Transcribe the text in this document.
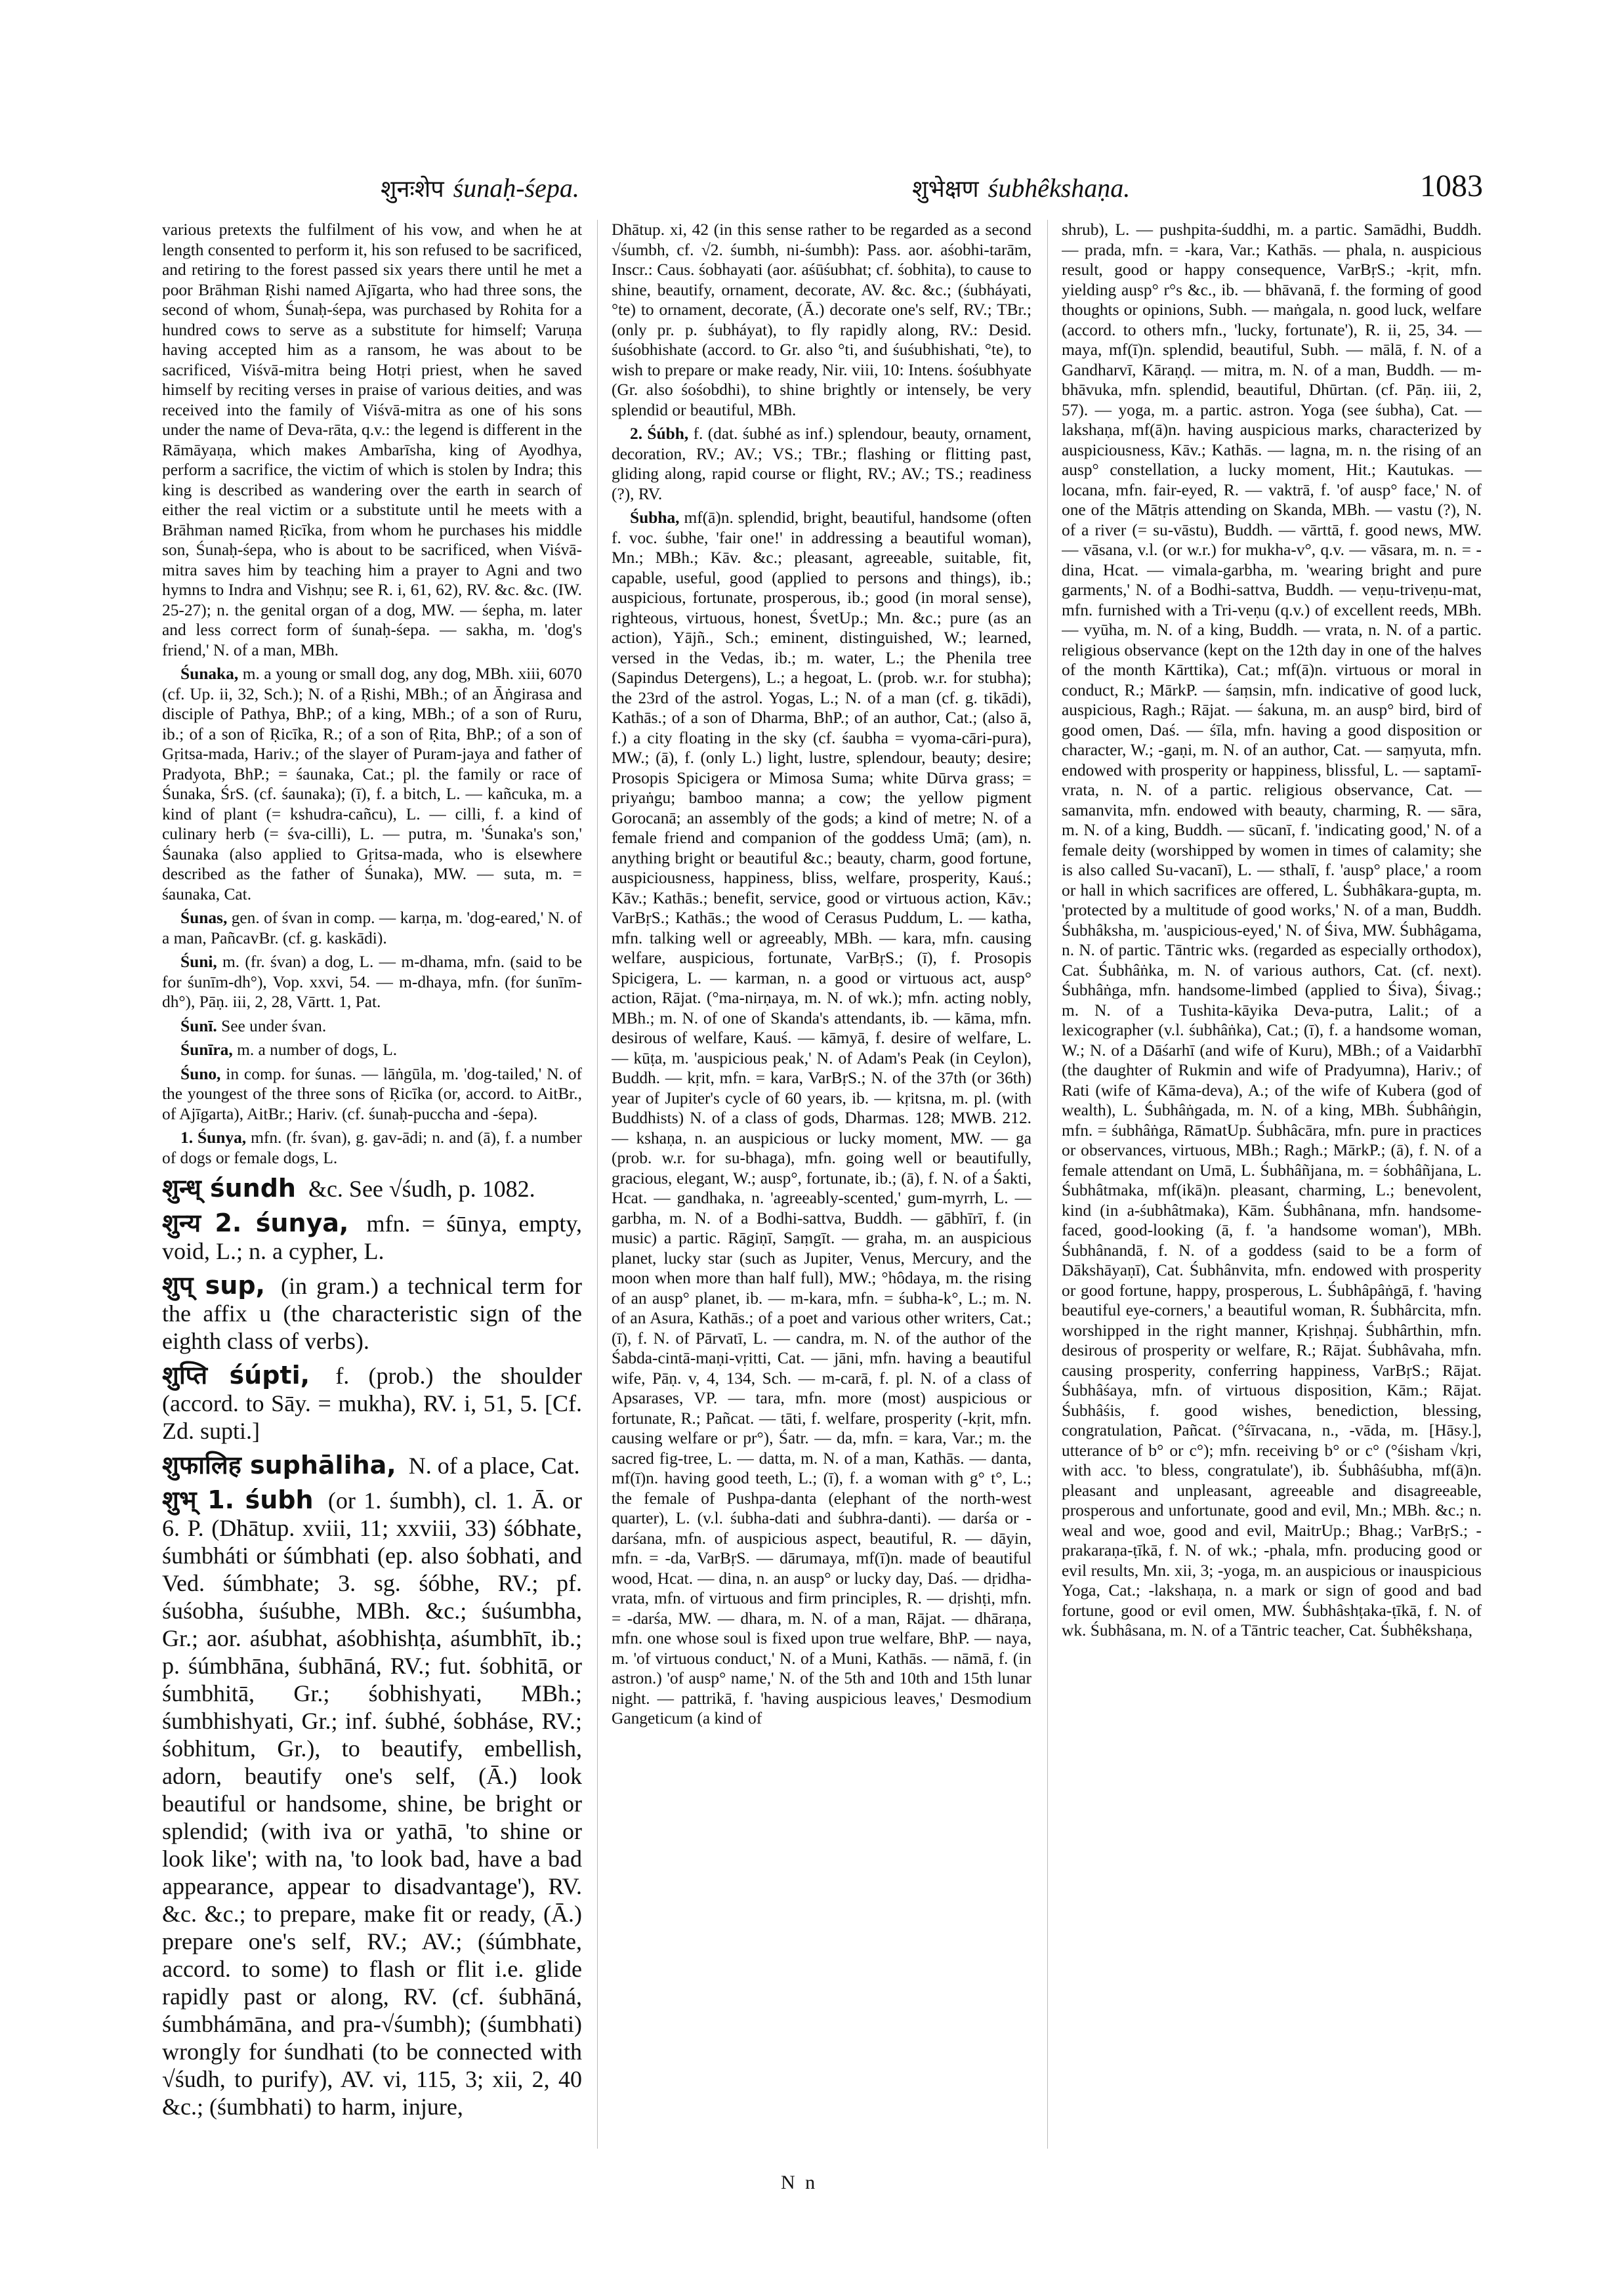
शुनःशेप śunaḥ-śepa.	शुभेक्षण śubhêkshaṇa.	1083

various pretexts the fulfilment of his vow, and when he at length consented to perform it, his son refused to be sacrificed, and retiring to the forest passed six years there until he met a poor Brāhman Ṛishi named Ajīgarta, who had three sons, the second of whom, Śunaḥ-śepa, was purchased by Rohita for a hundred cows to serve as a substitute for himself; Varuṇa having accepted him as a ransom, he was about to be sacrificed, Viśvā-mitra being Hotṛi priest, when he saved himself by reciting verses in praise of various deities, and was received into the family of Viśvā-mitra as one of his sons under the name of Deva-rāta, q.v.: the legend is different in the Rāmāyaṇa, which makes Ambarīsha, king of Ayodhya, perform a sacrifice, the victim of which is stolen by Indra; this king is described as wandering over the earth in search of either the real victim or a substitute until he meets with a Brāhman named Ṛicīka, from whom he purchases his middle son, Śunaḥ-śepa, who is about to be sacrificed, when Viśvā-mitra saves him by teaching him a prayer to Agni and two hymns to Indra and Vishṇu; see R. i, 61, 62), RV. &c. &c. (IW. 25-27); n. the genital organ of a dog, MW. — śepha, m. later and less correct form of śunaḥ-śepa. — sakha, m. 'dog's friend,' N. of a man, MBh.

Śunaka, m. a young or small dog, any dog, MBh. xiii, 6070 (cf. Up. ii, 32, Sch.); N. of a Ṛishi, MBh.; of an Āṅgirasa and disciple of Pathya, BhP.; of a king, MBh.; of a son of Ruru, ib.; of a son of Ṛicīka, R.; of a son of Ṛita, BhP.; of a son of Gṛitsa-mada, Hariv.; of the slayer of Puram-jaya and father of Pradyota, BhP.; = śaunaka, Cat.; pl. the family or race of Śunaka, ŚrS. (cf. śaunaka); (ī), f. a bitch, L. — kañcuka, m. a kind of plant (= kshudra-cañcu), L. — cilli, f. a kind of culinary herb (= śva-cilli), L. — putra, m. 'Śunaka's son,' Śaunaka (also applied to Gṛitsa-mada, who is elsewhere described as the father of Śunaka), MW. — suta, m. = śaunaka, Cat.

Śunas, gen. of śvan in comp. — karṇa, m. 'dog-eared,' N. of a man, PañcavBr. (cf. g. kaskādi).

Śuni, m. (fr. śvan) a dog, L. — m-dhama, mfn. (said to be for śunīm-dh°), Vop. xxvi, 54. — m-dhaya, mfn. (for śunīm-dh°), Pāṇ. iii, 2, 28, Vārtt. 1, Pat.

Śunī. See under śvan.

Śunīra, m. a number of dogs, L.

Śuno, in comp. for śunas. — lāṅgūla, m. 'dog-tailed,' N. of the youngest of the three sons of Ṛicīka (or, accord. to AitBr., of Ajīgarta), AitBr.; Hariv. (cf. śunaḥ-puccha and -śepa).

1. Śunya, mfn. (fr. śvan), g. gav-ādi; n. and (ā), f. a number of dogs or female dogs, L.

शुन्ध् śundh &c. See √śudh, p. 1082.

शुन्य 2. śunya, mfn. = śūnya, empty, void, L.; n. a cypher, L.

शुप् sup, (in gram.) a technical term for the affix u (the characteristic sign of the eighth class of verbs).

शुप्ति śúpti, f. (prob.) the shoulder (accord. to Sāy. = mukha), RV. i, 51, 5. [Cf. Zd. supti.]

शुफालिह suphāliha, N. of a place, Cat.

शुभ् 1. śubh (or 1. śumbh), cl. 1. Ā. or 6. P. (Dhātup. xviii, 11; xxviii, 33) śóbhate, śumbháti or śúmbhati (ep. also śobhati, and Ved. śúmbhate; 3. sg. śóbhe, RV.; pf. śuśobha, śuśubhe, MBh. &c.; śuśumbha, Gr.; aor. aśubhat, aśobhishṭa, aśumbhīt, ib.; p. śúmbhāna, śubhāná, RV.; fut. śobhitā, or śumbhitā, Gr.; śobhishyati, MBh.; śumbhishyati, Gr.; inf. śubhé, śobháse, RV.; śobhitum, Gr.), to beautify, embellish, adorn, beautify one's self, (Ā.) look beautiful or handsome, shine, be bright or splendid; (with iva or yathā, 'to shine or look like'; with na, 'to look bad, have a bad appearance, appear to disadvantage'), RV. &c. &c.; to prepare, make fit or ready, (Ā.) prepare one's self, RV.; AV.; (śúmbhate, accord. to some) to flash or flit i.e. glide rapidly past or along, RV. (cf. śubhāná, śumbhámāna, and pra-√śumbh); (śumbhati) wrongly for śundhati (to be connected with √śudh, to purify), AV. vi, 115, 3; xii, 2, 40 &c.; (śumbhati) to harm, injure,

Dhātup. xi, 42 (in this sense rather to be regarded as a second √śumbh, cf. √2. śumbh, ni-śumbh): Pass. aor. aśobhi-tarām, Inscr.: Caus. śobhayati (aor. aśūśubhat; cf. śobhita), to cause to shine, beautify, ornament, decorate, AV. &c. &c.; (śubháyati, °te) to ornament, decorate, (Ā.) decorate one's self, RV.; TBr.; (only pr. p. śubháyat), to fly rapidly along, RV.: Desid. śuśobhishate (accord. to Gr. also °ti, and śuśubhishati, °te), to wish to prepare or make ready, Nir. viii, 10: Intens. śośubhyate (Gr. also śośobdhi), to shine brightly or intensely, be very splendid or beautiful, MBh.

2. Śúbh, f. (dat. śubhé as inf.) splendour, beauty, ornament, decoration, RV.; AV.; VS.; TBr.; flashing or flitting past, gliding along, rapid course or flight, RV.; AV.; TS.; readiness (?), RV.

Śubha, mf(ā)n. splendid, bright, beautiful, handsome (often f. voc. śubhe, 'fair one!' in addressing a beautiful woman), Mn.; MBh.; Kāv. &c.; pleasant, agreeable, suitable, fit, capable, useful, good (applied to persons and things), ib.; auspicious, fortunate, prosperous, ib.; good (in moral sense), righteous, virtuous, honest, ŚvetUp.; Mn. &c.; pure (as an action), Yājñ., Sch.; eminent, distinguished, W.; learned, versed in the Vedas, ib.; m. water, L.; the Phenila tree (Sapindus Detergens), L.; a hegoat, L. (prob. w.r. for stubha); the 23rd of the astrol. Yogas, L.; N. of a man (cf. g. tikādi), Kathās.; of a son of Dharma, BhP.; of an author, Cat.; (also ā, f.) a city floating in the sky (cf. śaubha = vyoma-cāri-pura), MW.; (ā), f. (only L.) light, lustre, splendour, beauty; desire; Prosopis Spicigera or Mimosa Suma; white Dūrva grass; = priyaṅgu; bamboo manna; a cow; the yellow pigment Gorocanā; an assembly of the gods; a kind of metre; N. of a female friend and companion of the goddess Umā; (am), n. anything bright or beautiful &c.; beauty, charm, good fortune, auspiciousness, happiness, bliss, welfare, prosperity, Kauś.; Kāv.; Kathās.; benefit, service, good or virtuous action, Kāv.; VarBṛS.; Kathās.; the wood of Cerasus Puddum, L. — katha, mfn. talking well or agreeably, MBh. — kara, mfn. causing welfare, auspicious, fortunate, VarBṛS.; (ī), f. Prosopis Spicigera, L. — karman, n. a good or virtuous act, ausp° action, Rājat. (°ma-nirṇaya, m. N. of wk.); mfn. acting nobly, MBh.; m. N. of one of Skanda's attendants, ib. — kāma, mfn. desirous of welfare, Kauś. — kāmyā, f. desire of welfare, L. — kūṭa, m. 'auspicious peak,' N. of Adam's Peak (in Ceylon), Buddh. — kṛit, mfn. = kara, VarBṛS.; N. of the 37th (or 36th) year of Jupiter's cycle of 60 years, ib. — kṛitsna, m. pl. (with Buddhists) N. of a class of gods, Dharmas. 128; MWB. 212. — kshaṇa, n. an auspicious or lucky moment, MW. — ga (prob. w.r. for su-bhaga), mfn. going well or beautifully, gracious, elegant, W.; ausp°, fortunate, ib.; (ā), f. N. of a Śakti, Hcat. — gandhaka, n. 'agreeably-scented,' gum-myrrh, L. — garbha, m. N. of a Bodhi-sattva, Buddh. — gābhīrī, f. (in music) a partic. Rāgiṇī, Saṃgīt. — graha, m. an auspicious planet, lucky star (such as Jupiter, Venus, Mercury, and the moon when more than half full), MW.; °hôdaya, m. the rising of an ausp° planet, ib. — m-kara, mfn. = śubha-k°, L.; m. N. of an Asura, Kathās.; of a poet and various other writers, Cat.; (ī), f. N. of Pārvatī, L. — candra, m. N. of the author of the Śabda-cintā-maṇi-vṛitti, Cat. — jāni, mfn. having a beautiful wife, Pāṇ. v, 4, 134, Sch. — m-carā, f. pl. N. of a class of Apsarases, VP. — tara, mfn. more (most) auspicious or fortunate, R.; Pañcat. — tāti, f. welfare, prosperity (-kṛit, mfn. causing welfare or pr°), Śatr. — da, mfn. = kara, Var.; m. the sacred fig-tree, L. — datta, m. N. of a man, Kathās. — danta, mf(ī)n. having good teeth, L.; (ī), f. a woman with g° t°, L.; the female of Pushpa-danta (elephant of the north-west quarter), L. (v.l. śubha-dati and śubhra-danti). — darśa or -darśana, mfn. of auspicious aspect, beautiful, R. — dāyin, mfn. = -da, VarBṛS. — dārumaya, mf(ī)n. made of beautiful wood, Hcat. — dina, n. an ausp° or lucky day, Daś. — dṛidha-vrata, mfn. of virtuous and firm principles, R. — dṛishṭi, mfn. = -darśa, MW. — dhara, m. N. of a man, Rājat. — dhāraṇa, mfn. one whose soul is fixed upon true welfare, BhP. — naya, m. 'of virtuous conduct,' N. of a Muni, Kathās. — nāmā, f. (in astron.) 'of ausp° name,' N. of the 5th and 10th and 15th lunar night. — pattrikā, f. 'having auspicious leaves,' Desmodium Gangeticum (a kind of

shrub), L. — pushpita-śuddhi, m. a partic. Samādhi, Buddh. — prada, mfn. = -kara, Var.; Kathās. — phala, n. auspicious result, good or happy consequence, VarBṛS.; -kṛit, mfn. yielding ausp° r°s &c., ib. — bhāvanā, f. the forming of good thoughts or opinions, Subh. — maṅgala, n. good luck, welfare (accord. to others mfn., 'lucky, fortunate'), R. ii, 25, 34. — maya, mf(ī)n. splendid, beautiful, Subh. — mālā, f. N. of a Gandharvī, Kāraṇḍ. — mitra, m. N. of a man, Buddh. — m-bhāvuka, mfn. splendid, beautiful, Dhūrtan. (cf. Pāṇ. iii, 2, 57). — yoga, m. a partic. astron. Yoga (see śubha), Cat. — lakshaṇa, mf(ā)n. having auspicious marks, characterized by auspiciousness, Kāv.; Kathās. — lagna, m. n. the rising of an ausp° constellation, a lucky moment, Hit.; Kautukas. — locana, mfn. fair-eyed, R. — vaktrā, f. 'of ausp° face,' N. of one of the Mātṛis attending on Skanda, MBh. — vastu (?), N. of a river (= su-vāstu), Buddh. — vārttā, f. good news, MW. — vāsana, v.l. (or w.r.) for mukha-v°, q.v. — vāsara, m. n. = -dina, Hcat. — vimala-garbha, m. 'wearing bright and pure garments,' N. of a Bodhi-sattva, Buddh. — veṇu-triveṇu-mat, mfn. furnished with a Tri-veṇu (q.v.) of excellent reeds, MBh. — vyūha, m. N. of a king, Buddh. — vrata, n. N. of a partic. religious observance (kept on the 12th day in one of the halves of the month Kārttika), Cat.; mf(ā)n. virtuous or moral in conduct, R.; MārkP. — śaṃsin, mfn. indicative of good luck, auspicious, Ragh.; Rājat. — śakuna, m. an ausp° bird, bird of good omen, Daś. — śīla, mfn. having a good disposition or character, W.; -gaṇi, m. N. of an author, Cat. — saṃyuta, mfn. endowed with prosperity or happiness, blissful, L. — saptamī-vrata, n. N. of a partic. religious observance, Cat. — samanvita, mfn. endowed with beauty, charming, R. — sāra, m. N. of a king, Buddh. — sūcanī, f. 'indicating good,' N. of a female deity (worshipped by women in times of calamity; she is also called Su-vacanī), L. — sthalī, f. 'ausp° place,' a room or hall in which sacrifices are offered, L. Śubhâkara-gupta, m. 'protected by a multitude of good works,' N. of a man, Buddh. Śubhâksha, m. 'auspicious-eyed,' N. of Śiva, MW. Śubhâgama, n. N. of partic. Tāntric wks. (regarded as especially orthodox), Cat. Śubhâṅka, m. N. of various authors, Cat. (cf. next). Śubhâṅga, mfn. handsome-limbed (applied to Śiva), Śivag.; m. N. of a Tushita-kāyika Deva-putra, Lalit.; of a lexicographer (v.l. śubhâṅka), Cat.; (ī), f. a handsome woman, W.; N. of a Dāśarhī (and wife of Kuru), MBh.; of a Vaidarbhī (the daughter of Rukmin and wife of Pradyumna), Hariv.; of Rati (wife of Kāma-deva), A.; of the wife of Kubera (god of wealth), L. Śubhâṅgada, m. N. of a king, MBh. Śubhâṅgin, mfn. = śubhâṅga, RāmatUp. Śubhâcāra, mfn. pure in practices or observances, virtuous, MBh.; Ragh.; MārkP.; (ā), f. N. of a female attendant on Umā, L. Śubhâñjana, m. = śobhâñjana, L. Śubhâtmaka, mf(ikā)n. pleasant, charming, L.; benevolent, kind (in a-śubhâtmaka), Kām. Śubhânana, mfn. handsome-faced, good-looking (ā, f. 'a handsome woman'), MBh. Śubhânandā, f. N. of a goddess (said to be a form of Dākshāyaṇī), Cat. Śubhânvita, mfn. endowed with prosperity or good fortune, happy, prosperous, L. Śubhâpâṅgā, f. 'having beautiful eye-corners,' a beautiful woman, R. Śubhârcita, mfn. worshipped in the right manner, Kṛishṇaj. Śubhârthin, mfn. desirous of prosperity or welfare, R.; Rājat. Śubhâvaha, mfn. causing prosperity, conferring happiness, VarBṛS.; Rājat. Śubhâśaya, mfn. of virtuous disposition, Kām.; Rājat. Śubhâśis, f. good wishes, benediction, blessing, congratulation, Pañcat. (°śīrvacana, n., -vāda, m. [Hāsy.], utterance of b° or c°); mfn. receiving b° or c° (°śisham √kṛi, with acc. 'to bless, congratulate'), ib. Śubhâśubha, mf(ā)n. pleasant and unpleasant, agreeable and disagreeable, prosperous and unfortunate, good and evil, Mn.; MBh. &c.; n. weal and woe, good and evil, MaitrUp.; Bhag.; VarBṛS.; -prakaraṇa-ṭīkā, f. N. of wk.; -phala, mfn. producing good or evil results, Mn. xii, 3; -yoga, m. an auspicious or inauspicious Yoga, Cat.; -lakshaṇa, n. a mark or sign of good and bad fortune, good or evil omen, MW. Śubhâshṭaka-ṭīkā, f. N. of wk. Śubhâsana, m. N. of a Tāntric teacher, Cat. Śubhêkshaṇa,

N n
